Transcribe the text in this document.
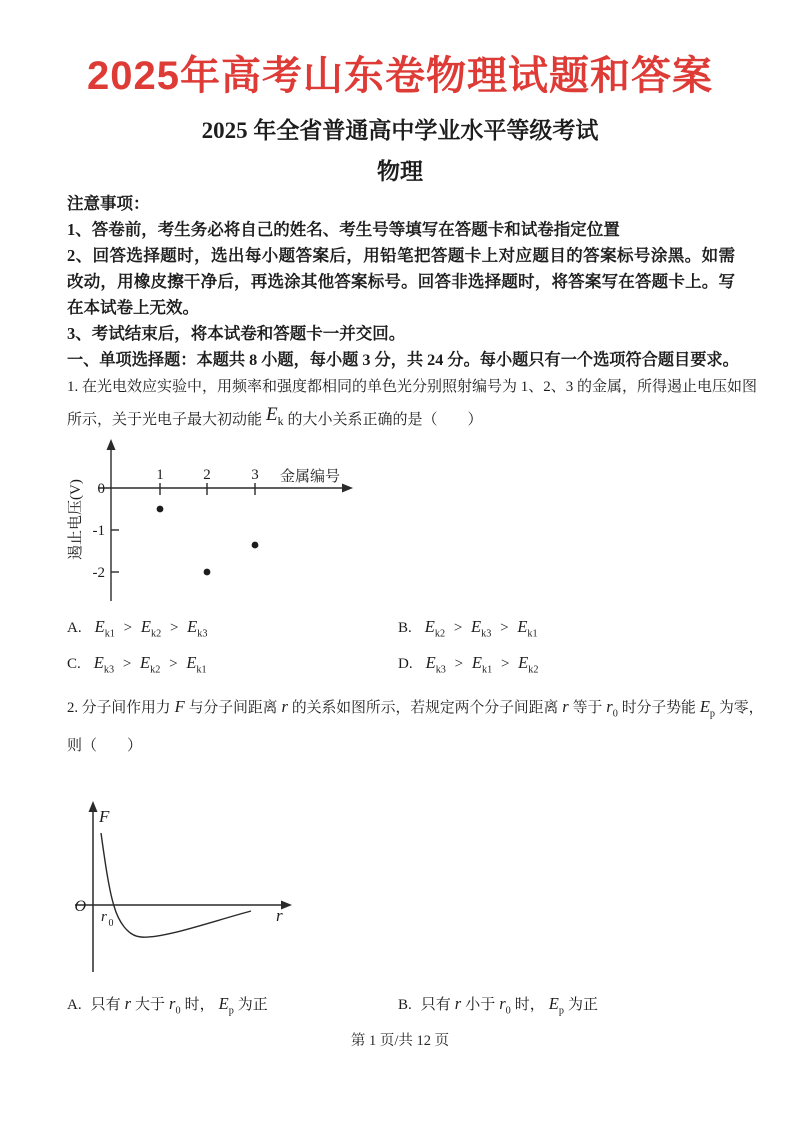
2025年高考山东卷物理试题和答案
2025 年全省普通高中学业水平等级考试
物理

注意事项：

1、答卷前，考生务必将自己的姓名、考生号等填写在答题卡和试卷指定位置

2、回答选择题时，选出每小题答案后，用铅笔把答题卡上对应题目的答案标号涂黑。如需改动，用橡皮擦干净后，再选涂其他答案标号。回答非选择题时，将答案写在答题卡上。写在本试卷上无效。

3、考试结束后，将本试卷和答题卡一并交回。

一、单项选择题：本题共 8 小题，每小题 3 分，共 24 分。每小题只有一个选项符合题目要求。
1. 在光电效应实验中，用频率和强度都相同的单色光分别照射编号为 1、2、3 的金属，所得遏止电压如图
所示，关于光电子最大初动能 $E_k$ 的大小关系正确的是（　　）
1	2	3
0
-1
-2
金属编号
遏止电压(V)
A. $E_{k1} > E_{k2} > E_{k3}$	B. $E_{k2} > E_{k3} > E_{k1}$
C. $E_{k3} > E_{k2} > E_{k1}$	D. $E_{k3} > E_{k1} > E_{k2}$
2. 分子间作用力 F 与分子间距离 r 的关系如图所示，若规定两个分子间距离 r 等于 $r_0$ 时分子势能 $E_p$ 为零，
则（　　）
F
O
r 0	r
A. 只有 r 大于 $r_0$ 时， $E_p$ 为正	B. 只有 r 小于 $r_0$ 时， $E_p$ 为正
第 1 页/共 12 页
